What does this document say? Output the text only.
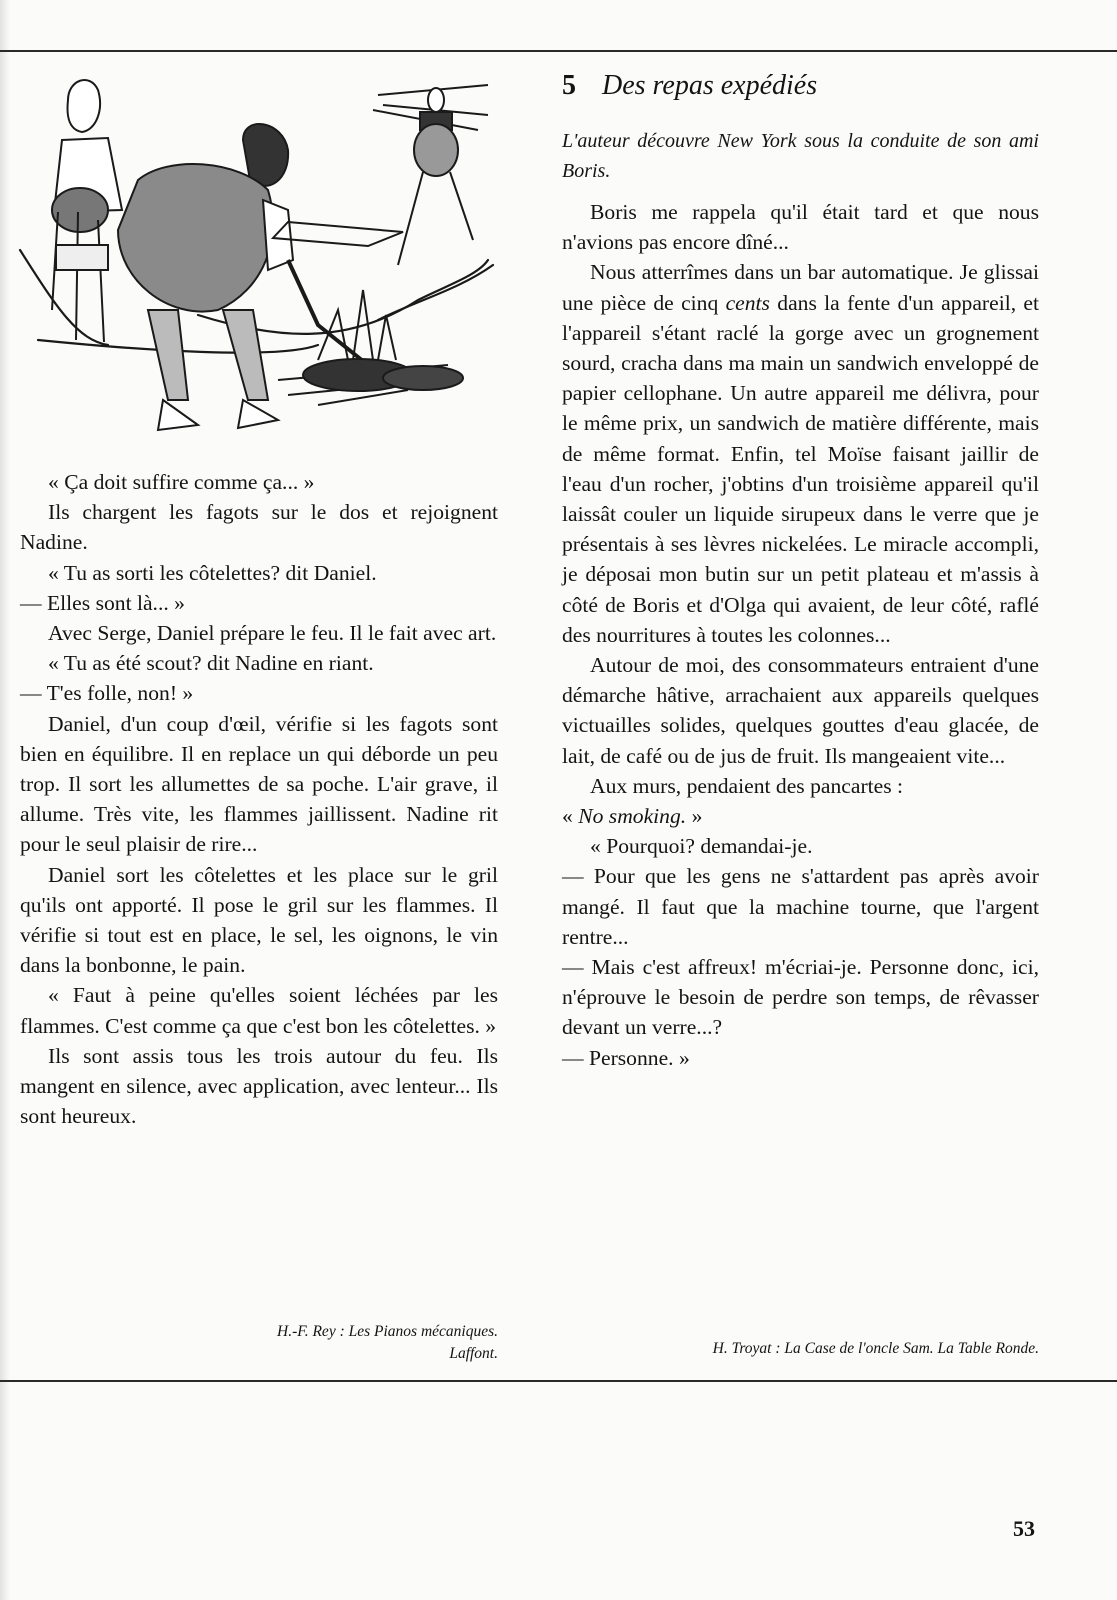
« Ça doit suffire comme ça... »

Ils chargent les fagots sur le dos et rejoignent Nadine.

« Tu as sorti les côtelettes? dit Daniel.

— Elles sont là... »

Avec Serge, Daniel prépare le feu. Il le fait avec art.

« Tu as été scout? dit Nadine en riant.

— T'es folle, non! »

Daniel, d'un coup d'œil, vérifie si les fagots sont bien en équilibre. Il en replace un qui déborde un peu trop. Il sort les allumettes de sa poche. L'air grave, il allume. Très vite, les flammes jaillissent. Nadine rit pour le seul plaisir de rire...

Daniel sort les côtelettes et les place sur le gril qu'ils ont apporté. Il pose le gril sur les flammes. Il vérifie si tout est en place, le sel, les oignons, le vin dans la bonbonne, le pain.

« Faut à peine qu'elles soient léchées par les flammes. C'est comme ça que c'est bon les côtelettes. »

Ils sont assis tous les trois autour du feu. Ils mangent en silence, avec application, avec lenteur... Ils sont heureux.

H.-F. Rey : Les Pianos mécaniques.
Laffont.
5 Des repas expédiés
L'auteur découvre New York sous la conduite de son ami Boris.

Boris me rappela qu'il était tard et que nous n'avions pas encore dîné...

Nous atterrîmes dans un bar automatique. Je glissai une pièce de cinq cents dans la fente d'un appareil, et l'appareil s'étant raclé la gorge avec un grognement sourd, cracha dans ma main un sandwich enveloppé de papier cellophane. Un autre appareil me délivra, pour le même prix, un sandwich de matière différente, mais de même format. Enfin, tel Moïse faisant jaillir de l'eau d'un rocher, j'obtins d'un troisième appareil qu'il laissât couler un liquide sirupeux dans le verre que je présentais à ses lèvres nickelées. Le miracle accompli, je déposai mon butin sur un petit plateau et m'assis à côté de Boris et d'Olga qui avaient, de leur côté, raflé des nourritures à toutes les colonnes...

Autour de moi, des consommateurs entraient d'une démarche hâtive, arrachaient aux appareils quelques victuailles solides, quelques gouttes d'eau glacée, de lait, de café ou de jus de fruit. Ils mangeaient vite...

Aux murs, pendaient des pancartes :

« No smoking. »

« Pourquoi? demandai-je.

— Pour que les gens ne s'attardent pas après avoir mangé. Il faut que la machine tourne, que l'argent rentre...

— Mais c'est affreux! m'écriai-je. Personne donc, ici, n'éprouve le besoin de perdre son temps, de rêvasser devant un verre...?

— Personne. »

H. Troyat : La Case de l'oncle Sam. La Table Ronde.
53
